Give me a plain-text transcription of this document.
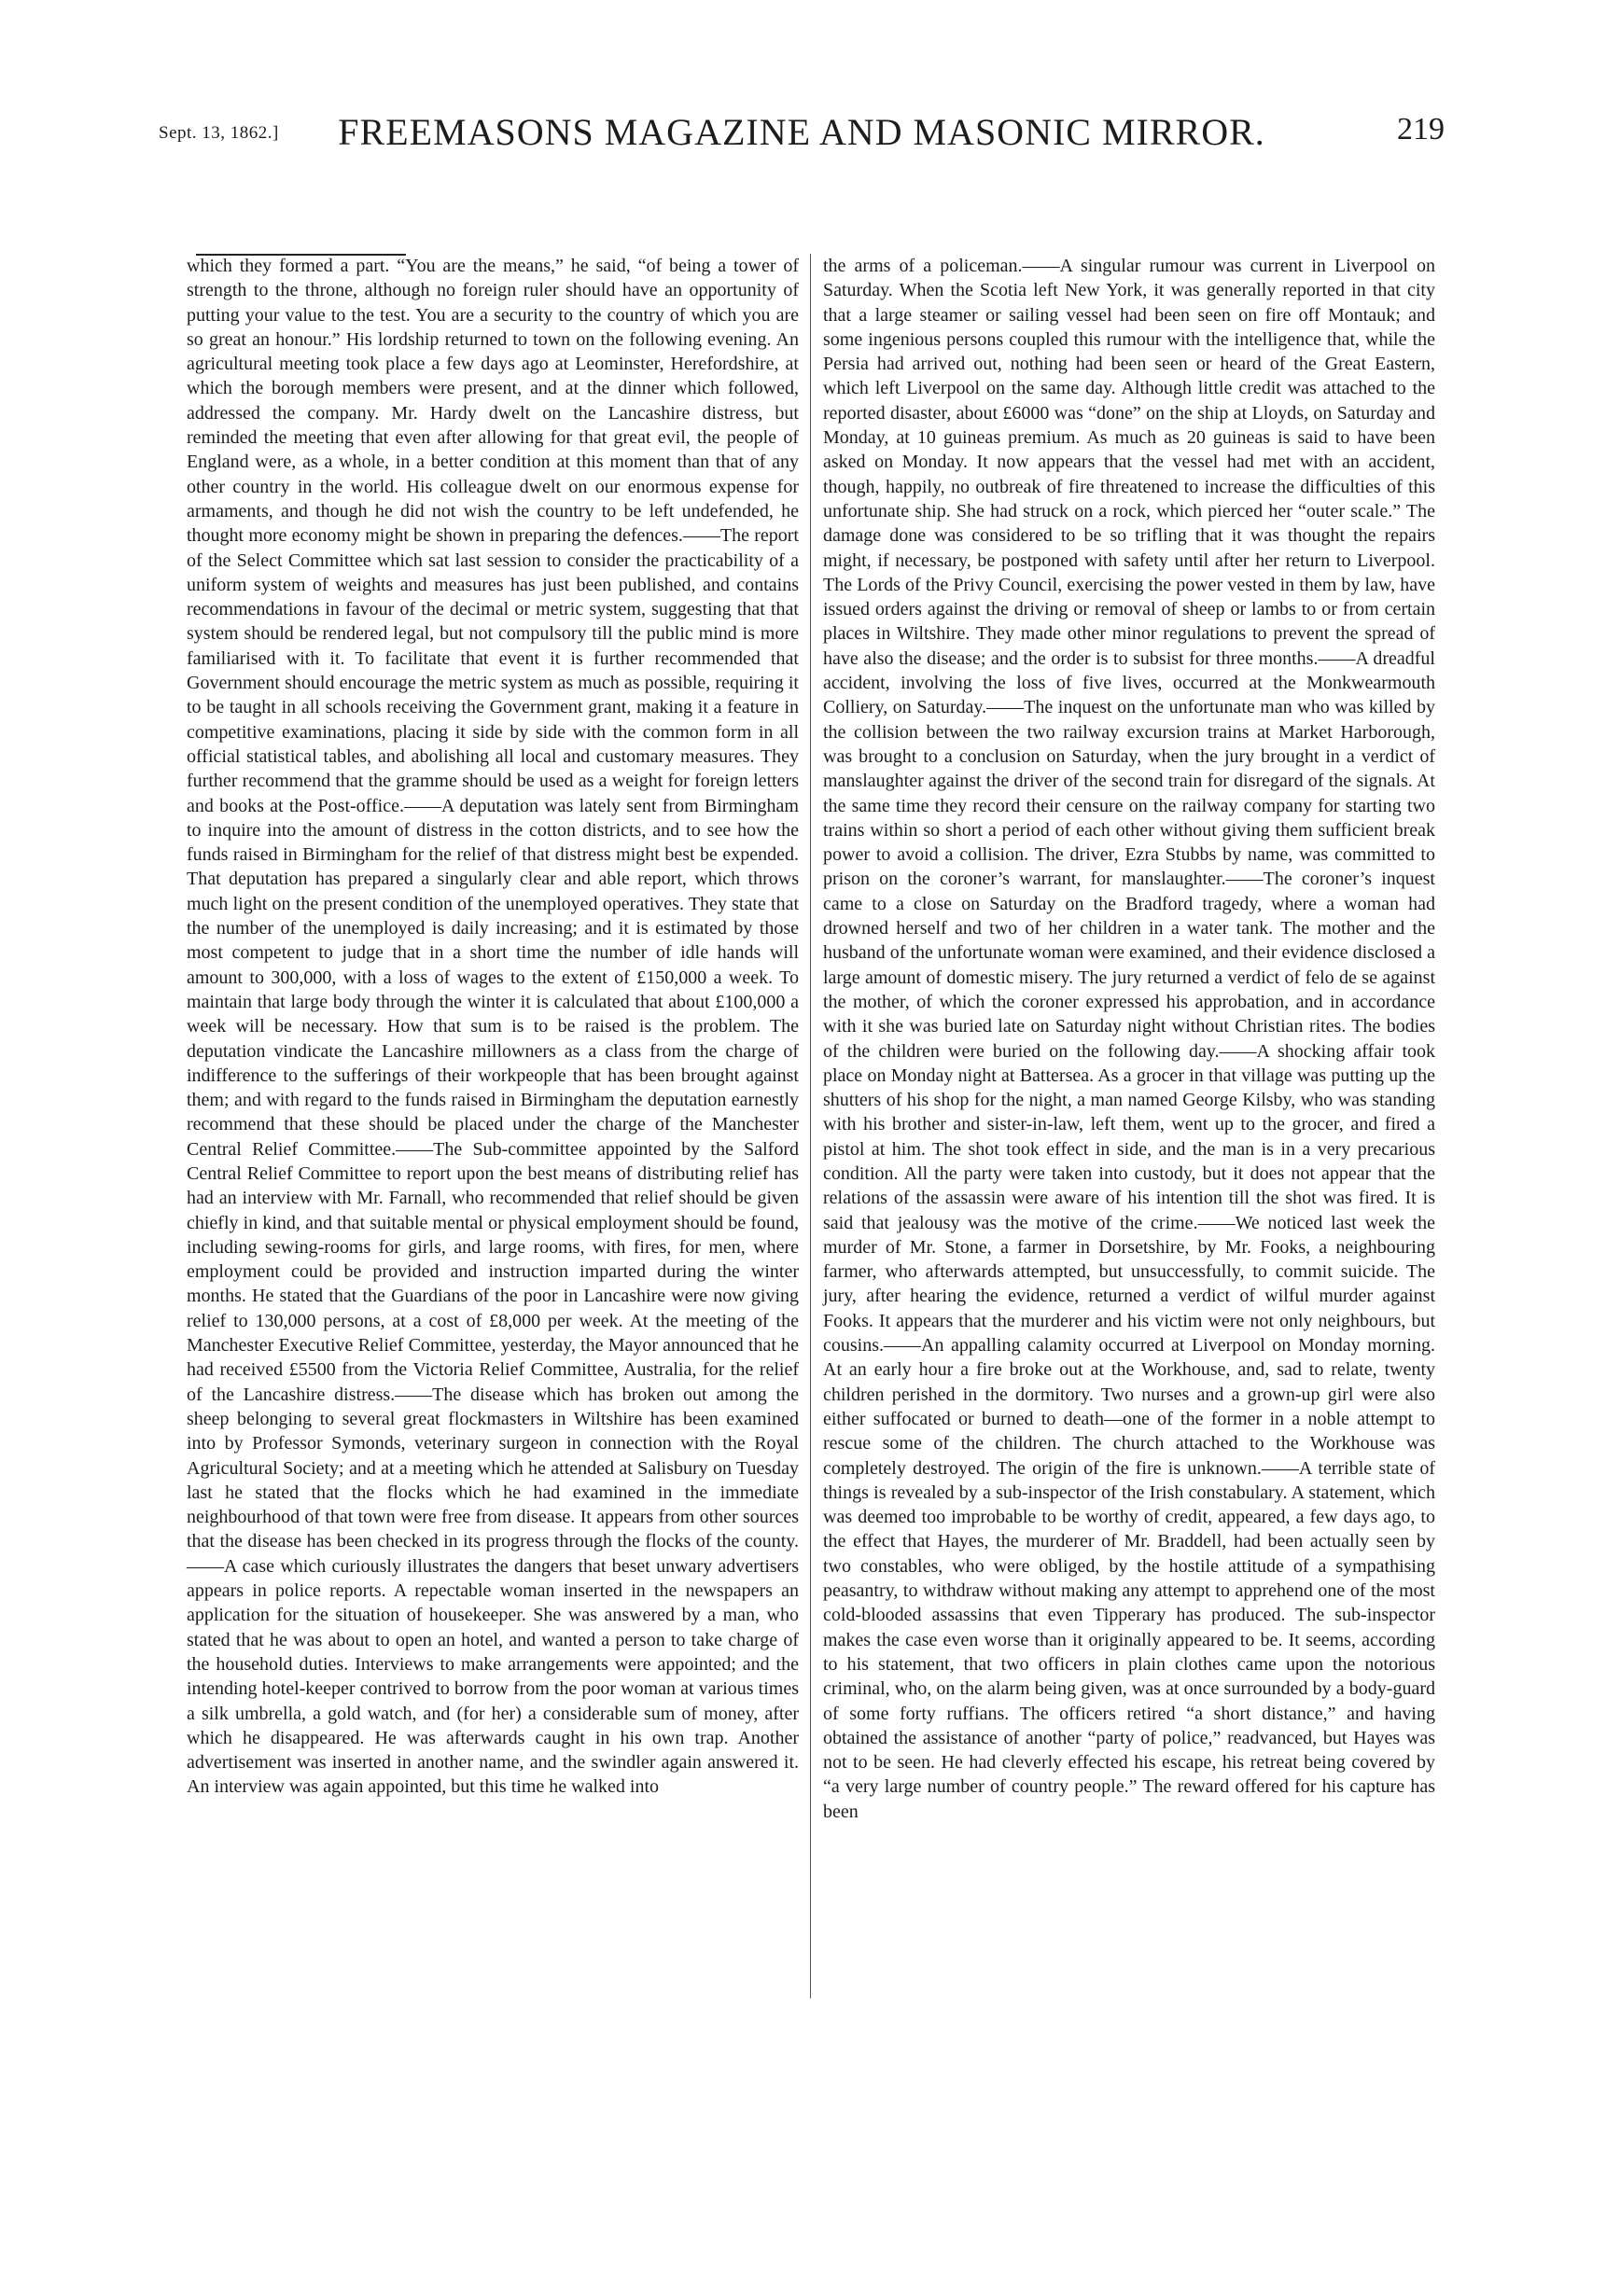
Sept. 13, 1862.]	FREEMASONS MAGAZINE AND MASONIC MIRROR.	219

which they formed a part. “You are the means,” he said, “of being a tower of strength to the throne, although no foreign ruler should have an opportunity of putting your value to the test. You are a security to the country of which you are so great an honour.” His lordship returned to town on the following evening. An agricultural meeting took place a few days ago at Leominster, Herefordshire, at which the borough members were present, and at the dinner which followed, addressed the company. Mr. Hardy dwelt on the Lancashire distress, but reminded the meeting that even after allowing for that great evil, the people of England were, as a whole, in a better condition at this moment than that of any other country in the world. His colleague dwelt on our enormous expense for armaments, and though he did not wish the country to be left undefended, he thought more economy might be shown in preparing the defences.——The report of the Select Committee which sat last session to consider the practicability of a uniform system of weights and measures has just been published, and contains recommendations in favour of the decimal or metric system, suggesting that that system should be rendered legal, but not compulsory till the public mind is more familiarised with it. To facilitate that event it is further recommended that Government should encourage the metric system as much as possible, requiring it to be taught in all schools receiving the Government grant, making it a feature in competitive examinations, placing it side by side with the common form in all official statistical tables, and abolishing all local and customary measures. They further recommend that the gramme should be used as a weight for foreign letters and books at the Post-office.——A deputation was lately sent from Birmingham to inquire into the amount of distress in the cotton districts, and to see how the funds raised in Birmingham for the relief of that distress might best be expended. That deputation has prepared a singularly clear and able report, which throws much light on the present condition of the unemployed operatives. They state that the number of the unemployed is daily increasing; and it is estimated by those most competent to judge that in a short time the number of idle hands will amount to 300,000, with a loss of wages to the extent of £150,000 a week. To maintain that large body through the winter it is calculated that about £100,000 a week will be necessary. How that sum is to be raised is the problem. The deputation vindicate the Lancashire millowners as a class from the charge of indifference to the sufferings of their workpeople that has been brought against them; and with regard to the funds raised in Birmingham the deputation earnestly recommend that these should be placed under the charge of the Manchester Central Relief Committee.——The Sub-committee appointed by the Salford Central Relief Committee to report upon the best means of distributing relief has had an interview with Mr. Farnall, who recommended that relief should be given chiefly in kind, and that suitable mental or physical employment should be found, including sewing-rooms for girls, and large rooms, with fires, for men, where employment could be provided and instruction imparted during the winter months. He stated that the Guardians of the poor in Lancashire were now giving relief to 130,000 persons, at a cost of £8,000 per week. At the meeting of the Manchester Executive Relief Committee, yesterday, the Mayor announced that he had received £5500 from the Victoria Relief Committee, Australia, for the relief of the Lancashire distress.——The disease which has broken out among the sheep belonging to several great flockmasters in Wiltshire has been examined into by Professor Symonds, veterinary surgeon in connection with the Royal Agricultural Society; and at a meeting which he attended at Salisbury on Tuesday last he stated that the flocks which he had examined in the immediate neighbourhood of that town were free from disease. It appears from other sources that the disease has been checked in its progress through the flocks of the county.——A case which curiously illustrates the dangers that beset unwary advertisers appears in police reports. A repectable woman inserted in the newspapers an application for the situation of housekeeper. She was answered by a man, who stated that he was about to open an hotel, and wanted a person to take charge of the household duties. Interviews to make arrangements were appointed; and the intending hotel-keeper contrived to borrow from the poor woman at various times a silk umbrella, a gold watch, and (for her) a considerable sum of money, after which he disappeared. He was afterwards caught in his own trap. Another advertisement was inserted in another name, and the swindler again answered it. An interview was again appointed, but this time he walked into

the arms of a policeman.——A singular rumour was current in Liverpool on Saturday. When the Scotia left New York, it was generally reported in that city that a large steamer or sailing vessel had been seen on fire off Montauk; and some ingenious persons coupled this rumour with the intelligence that, while the Persia had arrived out, nothing had been seen or heard of the Great Eastern, which left Liverpool on the same day. Although little credit was attached to the reported disaster, about £6000 was “done” on the ship at Lloyds, on Saturday and Monday, at 10 guineas premium. As much as 20 guineas is said to have been asked on Monday. It now appears that the vessel had met with an accident, though, happily, no outbreak of fire threatened to increase the difficulties of this unfortunate ship. She had struck on a rock, which pierced her “outer scale.” The damage done was considered to be so trifling that it was thought the repairs might, if necessary, be postponed with safety until after her return to Liverpool. The Lords of the Privy Council, exercising the power vested in them by law, have issued orders against the driving or removal of sheep or lambs to or from certain places in Wiltshire. They made other minor regulations to prevent the spread of have also the disease; and the order is to subsist for three months.——A dreadful accident, involving the loss of five lives, occurred at the Monkwearmouth Colliery, on Saturday.——The inquest on the unfortunate man who was killed by the collision between the two railway excursion trains at Market Harborough, was brought to a conclusion on Saturday, when the jury brought in a verdict of manslaughter against the driver of the second train for disregard of the signals. At the same time they record their censure on the railway company for starting two trains within so short a period of each other without giving them sufficient break power to avoid a collision. The driver, Ezra Stubbs by name, was committed to prison on the coroner’s warrant, for manslaughter.——The coroner’s inquest came to a close on Saturday on the Bradford tragedy, where a woman had drowned herself and two of her children in a water tank. The mother and the husband of the unfortunate woman were examined, and their evidence disclosed a large amount of domestic misery. The jury returned a verdict of felo de se against the mother, of which the coroner expressed his approbation, and in accordance with it she was buried late on Saturday night without Christian rites. The bodies of the children were buried on the following day.——A shocking affair took place on Monday night at Battersea. As a grocer in that village was putting up the shutters of his shop for the night, a man named George Kilsby, who was standing with his brother and sister-in-law, left them, went up to the grocer, and fired a pistol at him. The shot took effect in side, and the man is in a very precarious condition. All the party were taken into custody, but it does not appear that the relations of the assassin were aware of his intention till the shot was fired. It is said that jealousy was the motive of the crime.——We noticed last week the murder of Mr. Stone, a farmer in Dorsetshire, by Mr. Fooks, a neighbouring farmer, who afterwards attempted, but unsuccessfully, to commit suicide. The jury, after hearing the evidence, returned a verdict of wilful murder against Fooks. It appears that the murderer and his victim were not only neighbours, but cousins.——An appalling calamity occurred at Liverpool on Monday morning. At an early hour a fire broke out at the Workhouse, and, sad to relate, twenty children perished in the dormitory. Two nurses and a grown-up girl were also either suffocated or burned to death—one of the former in a noble attempt to rescue some of the children. The church attached to the Workhouse was completely destroyed. The origin of the fire is unknown.——A terrible state of things is revealed by a sub-inspector of the Irish constabulary. A statement, which was deemed too improbable to be worthy of credit, appeared, a few days ago, to the effect that Hayes, the murderer of Mr. Braddell, had been actually seen by two constables, who were obliged, by the hostile attitude of a sympathising peasantry, to withdraw without making any attempt to apprehend one of the most cold-blooded assassins that even Tipperary has produced. The sub-inspector makes the case even worse than it originally appeared to be. It seems, according to his statement, that two officers in plain clothes came upon the notorious criminal, who, on the alarm being given, was at once surrounded by a body-guard of some forty ruffians. The officers retired “a short distance,” and having obtained the assistance of another “party of police,” readvanced, but Hayes was not to be seen. He had cleverly effected his escape, his retreat being covered by “a very large number of country people.” The reward offered for his capture has been
